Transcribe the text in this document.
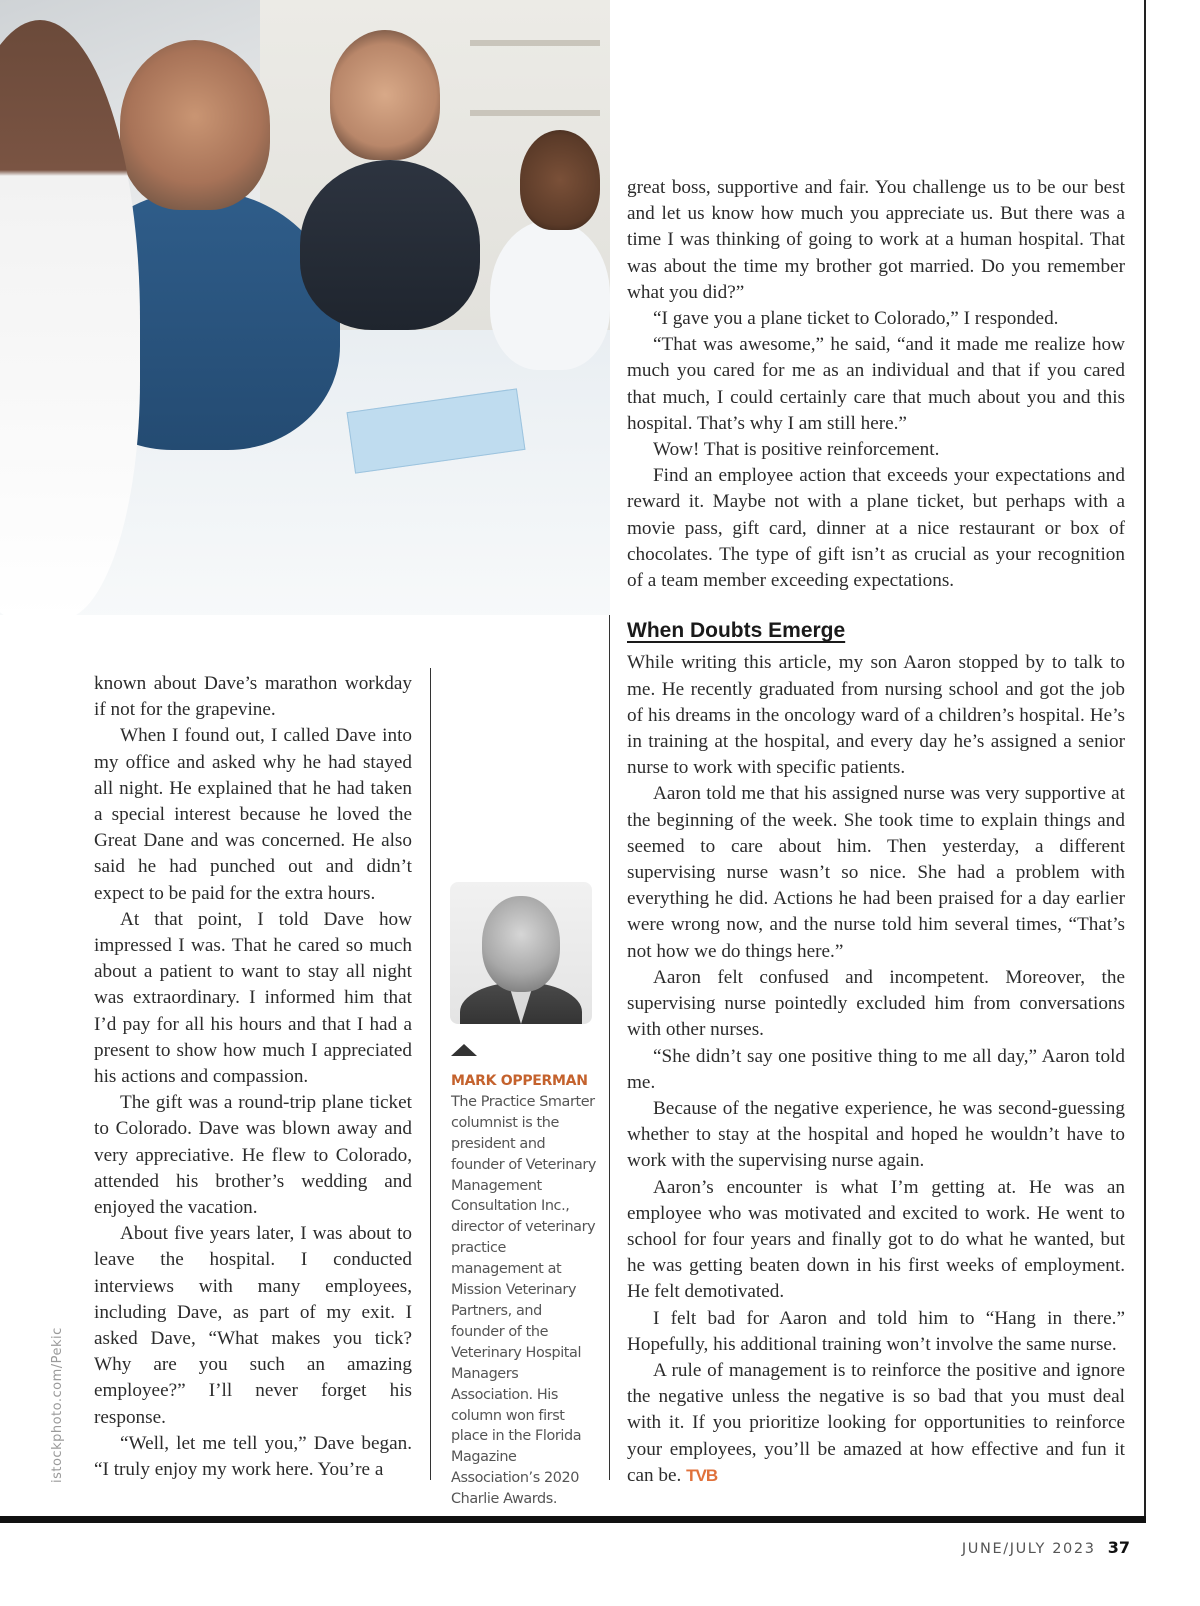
istockphoto.com/Pekic

known about Dave’s marathon workday if not for the grapevine.

When I found out, I called Dave into my office and asked why he had stayed all night. He explained that he had taken a special interest because he loved the Great Dane and was concerned. He also said he had punched out and didn’t expect to be paid for the extra hours.

At that point, I told Dave how impressed I was. That he cared so much about a patient to want to stay all night was extraordinary. I informed him that I’d pay for all his hours and that I had a present to show how much I appreciated his actions and compassion.

The gift was a round-trip plane ticket to Colorado. Dave was blown away and very appreciative. He flew to Colorado, attended his brother’s wedding and enjoyed the vacation.

About five years later, I was about to leave the hospital. I conducted interviews with many employees, including Dave, as part of my exit. I asked Dave, “What makes you tick? Why are you such an amazing employee?” I’ll never forget his response.

“Well, let me tell you,” Dave began. “I truly enjoy my work here. You’re a

MARK OPPERMAN
The Practice Smarter columnist is the president and founder of Veterinary Management Consultation Inc., director of veterinary practice management at Mission Veterinary Partners, and founder of the Veterinary Hospital Managers Association. His column won first place in the Florida Magazine Association’s 2020 Charlie Awards.

great boss, supportive and fair. You challenge us to be our best and let us know how much you appreciate us. But there was a time I was thinking of going to work at a human hospital. That was about the time my brother got married. Do you remember what you did?”

“I gave you a plane ticket to Colorado,” I responded.

“That was awesome,” he said, “and it made me realize how much you cared for me as an individual and that if you cared that much, I could certainly care that much about you and this hospital. That’s why I am still here.”

Wow! That is positive reinforcement.

Find an employee action that exceeds your expectations and reward it. Maybe not with a plane ticket, but perhaps with a movie pass, gift card, dinner at a nice restaurant or box of chocolates. The type of gift isn’t as crucial as your recognition of a team member exceeding expectations.

When Doubts Emerge

While writing this article, my son Aaron stopped by to talk to me. He recently graduated from nursing school and got the job of his dreams in the oncology ward of a children’s hospital. He’s in training at the hospital, and every day he’s assigned a senior nurse to work with specific patients.

Aaron told me that his assigned nurse was very supportive at the beginning of the week. She took time to explain things and seemed to care about him. Then yesterday, a different supervising nurse wasn’t so nice. She had a problem with everything he did. Actions he had been praised for a day earlier were wrong now, and the nurse told him several times, “That’s not how we do things here.”

Aaron felt confused and incompetent. Moreover, the supervising nurse pointedly excluded him from conversations with other nurses.

“She didn’t say one positive thing to me all day,” Aaron told me.

Because of the negative experience, he was second-guessing whether to stay at the hospital and hoped he wouldn’t have to work with the supervising nurse again.

Aaron’s encounter is what I’m getting at. He was an employee who was motivated and excited to work. He went to school for four years and finally got to do what he wanted, but he was getting beaten down in his first weeks of employment. He felt demotivated.

I felt bad for Aaron and told him to “Hang in there.” Hopefully, his additional training won’t involve the same nurse.

A rule of management is to reinforce the positive and ignore the negative unless the negative is so bad that you must deal with it. If you prioritize looking for opportunities to reinforce your employees, you’ll be amazed at how effective and fun it can be. TVB

JUNE/JULY 2023 37
